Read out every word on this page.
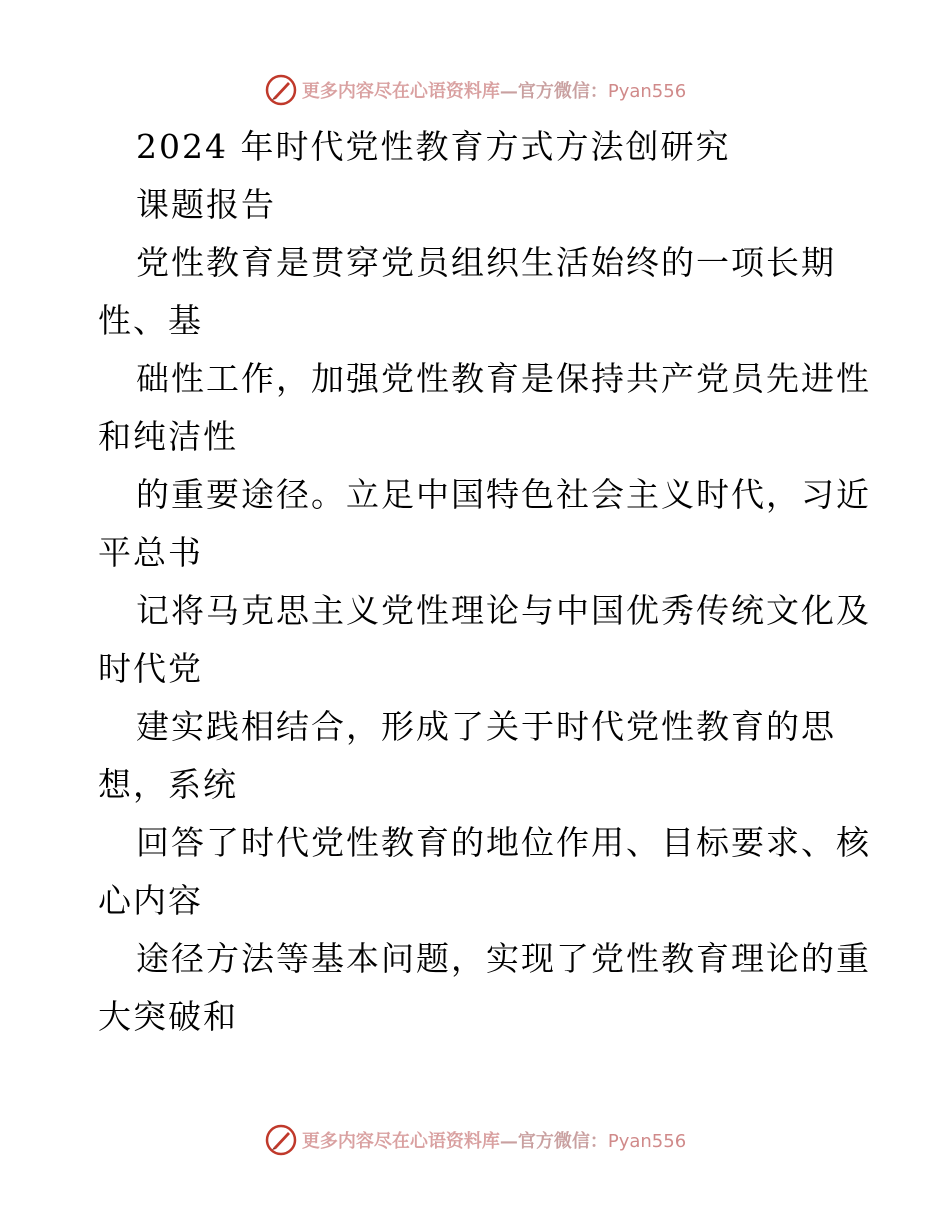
更多内容尽在心语资料库—官方微信：Pyan556
2024 年时代党性教育方式方法创研究
课题报告
党性教育是贯穿党员组织生活始终的一项长期
性、基
础性工作，加强党性教育是保持共产党员先进性
和纯洁性
的重要途径。立足中国特色社会主义时代，习近
平总书
记将马克思主义党性理论与中国优秀传统文化及
时代党
建实践相结合，形成了关于时代党性教育的思
想，系统
回答了时代党性教育的地位作用、目标要求、核
心内容
途径方法等基本问题，实现了党性教育理论的重
大突破和
更多内容尽在心语资料库—官方微信：Pyan556
